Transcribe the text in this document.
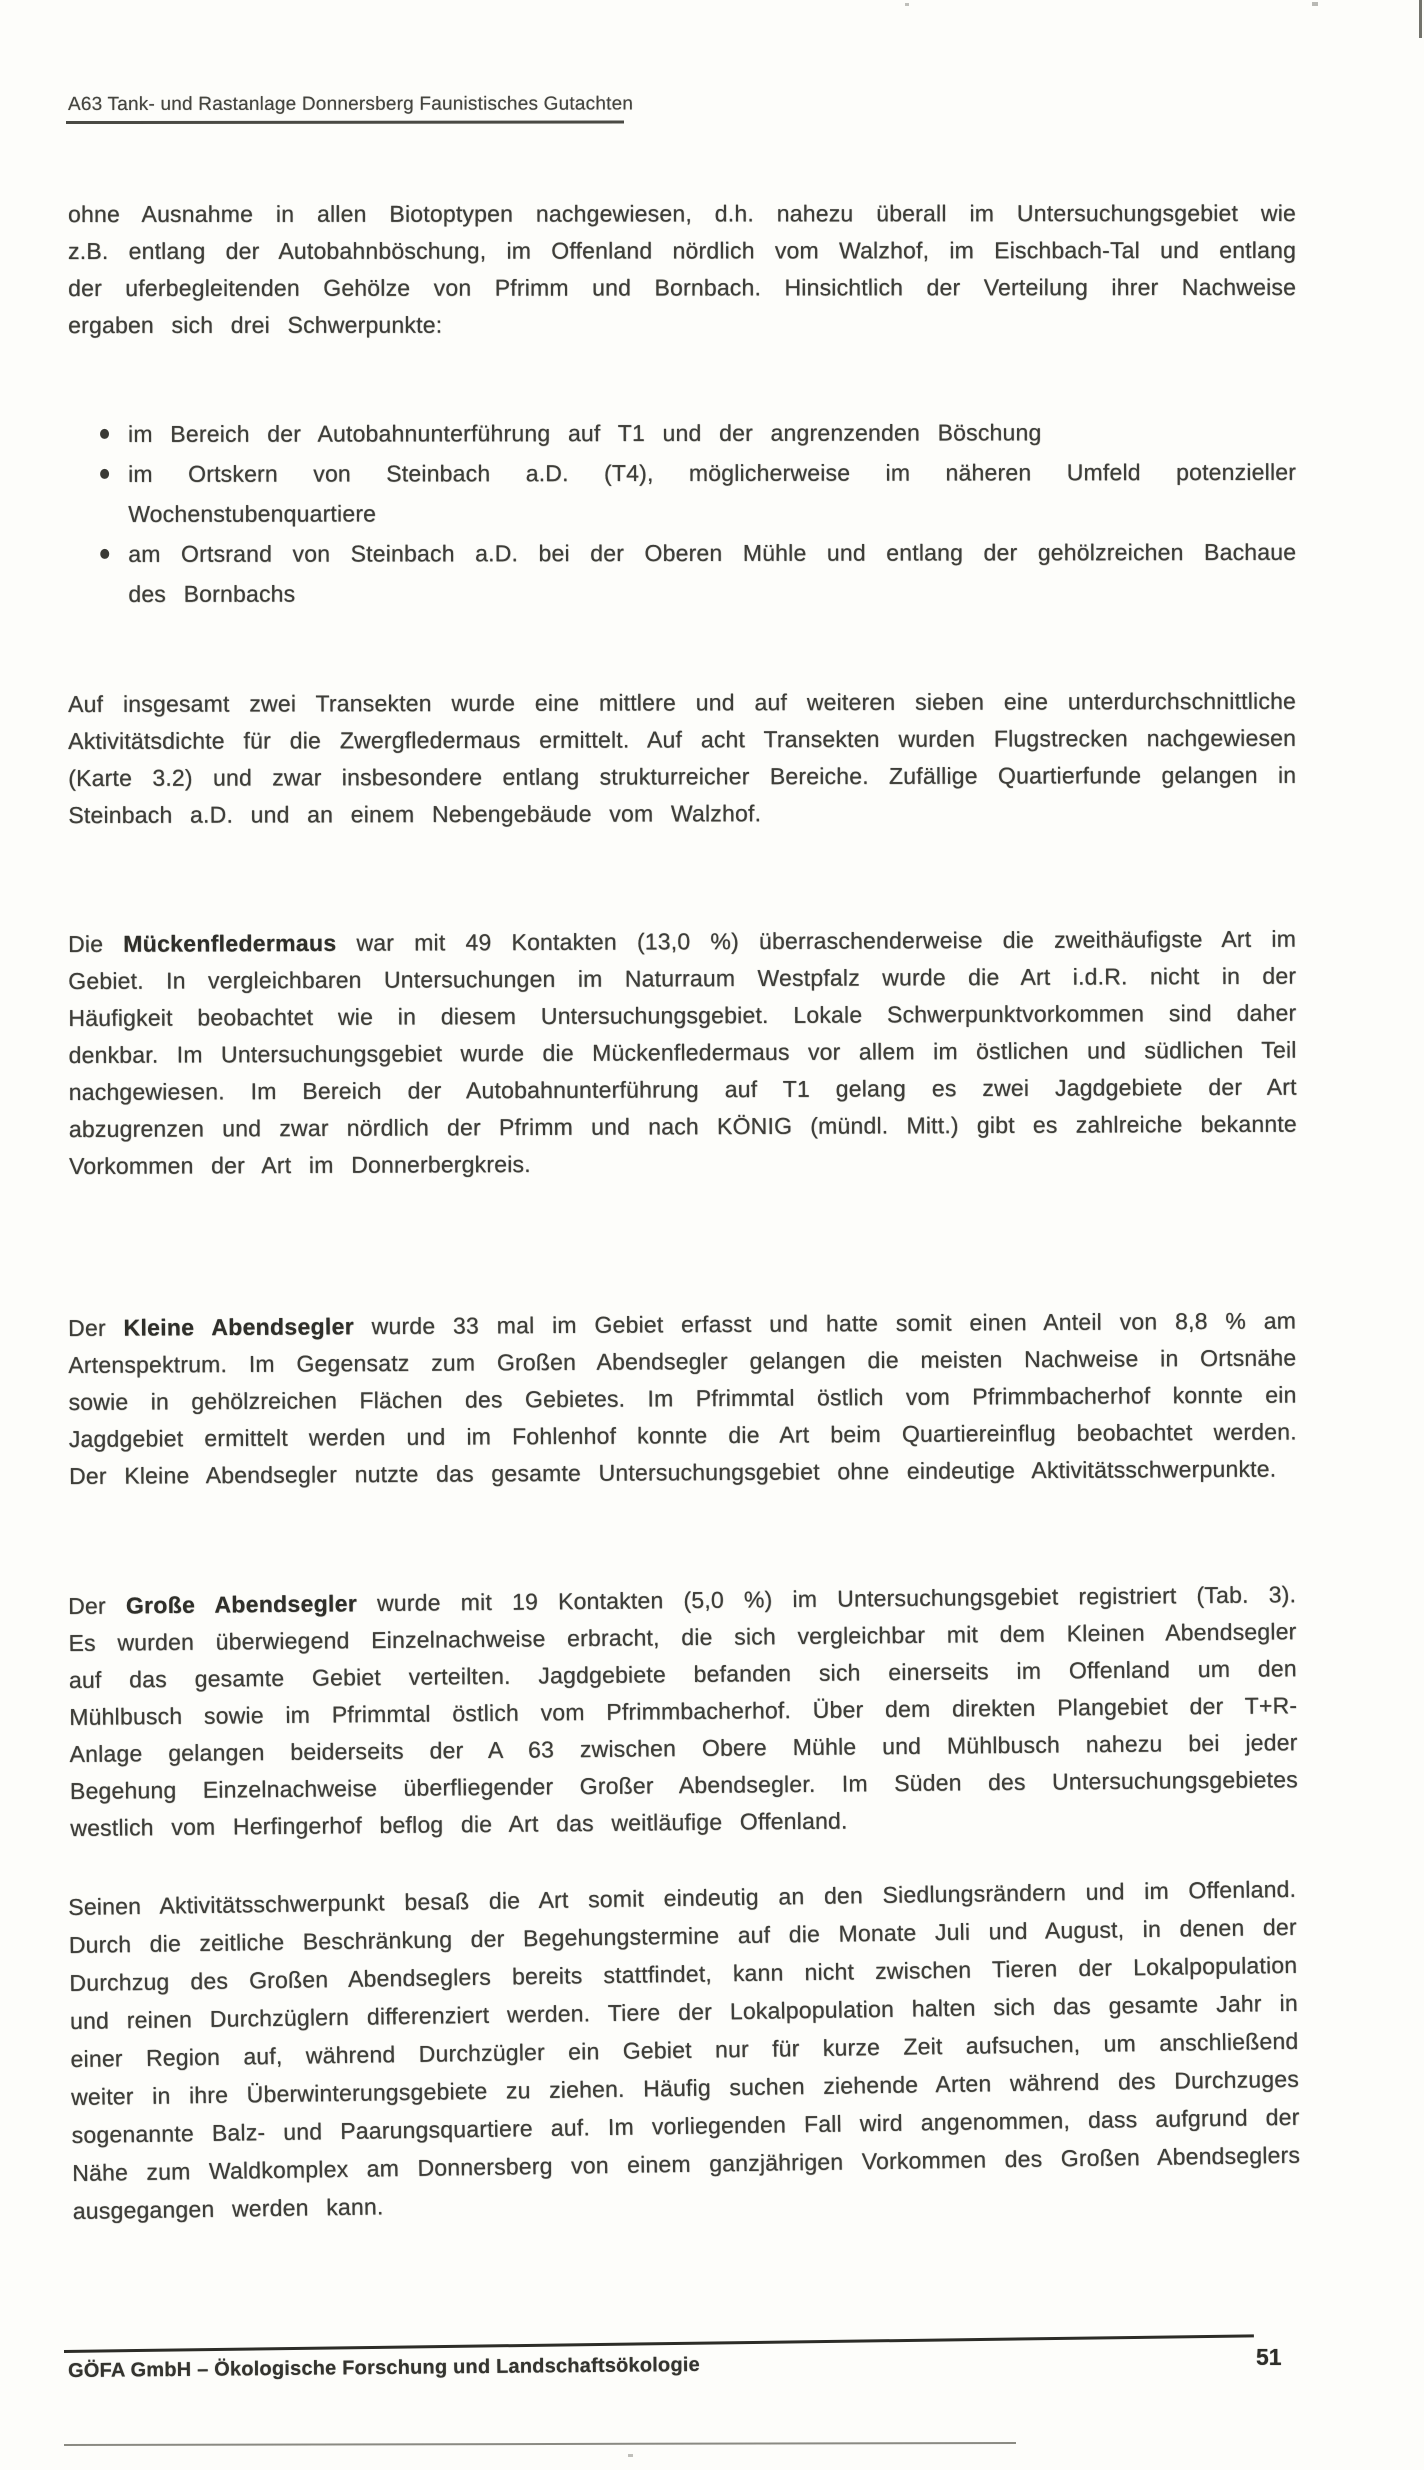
A63 Tank- und Rastanlage Donnersberg Faunistisches Gutachten

ohne Ausnahme in allen Biotoptypen nachgewiesen, d.h. nahezu überall im Untersuchungsgebiet wie z.B. entlang der Autobahnböschung, im Offenland nördlich vom Walzhof, im Eischbach-Tal und entlang der uferbegleitenden Gehölze von Pfrimm und Bornbach. Hinsichtlich der Verteilung ihrer Nachweise ergaben sich drei Schwerpunkte:

im Bereich der Autobahnunterführung auf T1 und der angrenzenden Böschung
im Ortskern von Steinbach a.D. (T4), möglicherweise im näheren Umfeld potenzieller Wochenstubenquartiere
am Ortsrand von Steinbach a.D. bei der Oberen Mühle und entlang der gehölzreichen Bachaue des Bornbachs

Auf insgesamt zwei Transekten wurde eine mittlere und auf weiteren sieben eine unterdurchschnittliche Aktivitätsdichte für die Zwergfledermaus ermittelt. Auf acht Transekten wurden Flugstrecken nachgewiesen (Karte 3.2) und zwar insbesondere entlang strukturreicher Bereiche. Zufällige Quartierfunde gelangen in Steinbach a.D. und an einem Nebengebäude vom Walzhof.

Die Mückenfledermaus war mit 49 Kontakten (13,0 %) überraschenderweise die zweithäufigste Art im Gebiet. In vergleichbaren Untersuchungen im Naturraum Westpfalz wurde die Art i.d.R. nicht in der Häufigkeit beobachtet wie in diesem Untersuchungsgebiet. Lokale Schwerpunktvorkommen sind daher denkbar. Im Untersuchungsgebiet wurde die Mückenfledermaus vor allem im östlichen und südlichen Teil nachgewiesen. Im Bereich der Autobahnunterführung auf T1 gelang es zwei Jagdgebiete der Art abzugrenzen und zwar nördlich der Pfrimm und nach KÖNIG (mündl. Mitt.) gibt es zahlreiche bekannte Vorkommen der Art im Donnerbergkreis.

Der Kleine Abendsegler wurde 33 mal im Gebiet erfasst und hatte somit einen Anteil von 8,8 % am Artenspektrum. Im Gegensatz zum Großen Abendsegler gelangen die meisten Nachweise in Ortsnähe sowie in gehölzreichen Flächen des Gebietes. Im Pfrimmtal östlich vom Pfrimmbacherhof konnte ein Jagdgebiet ermittelt werden und im Fohlenhof konnte die Art beim Quartiereinflug beobachtet werden. Der Kleine Abendsegler nutzte das gesamte Untersuchungsgebiet ohne eindeutige Aktivitätsschwerpunkte.

Der Große Abendsegler wurde mit 19 Kontakten (5,0 %) im Untersuchungsgebiet registriert (Tab. 3). Es wurden überwiegend Einzelnachweise erbracht, die sich vergleichbar mit dem Kleinen Abendsegler auf das gesamte Gebiet verteilten. Jagdgebiete befanden sich einerseits im Offenland um den Mühlbusch sowie im Pfrimmtal östlich vom Pfrimmbacherhof. Über dem direkten Plangebiet der T+R-Anlage gelangen beiderseits der A 63 zwischen Obere Mühle und Mühlbusch nahezu bei jeder Begehung Einzelnachweise überfliegender Großer Abendsegler. Im Süden des Untersuchungsgebietes westlich vom Herfingerhof beflog die Art das weitläufige Offenland.

Seinen Aktivitätsschwerpunkt besaß die Art somit eindeutig an den Siedlungsrändern und im Offenland. Durch die zeitliche Beschränkung der Begehungstermine auf die Monate Juli und August, in denen der Durchzug des Großen Abendseglers bereits stattfindet, kann nicht zwischen Tieren der Lokalpopulation und reinen Durchzüglern differenziert werden. Tiere der Lokalpopulation halten sich das gesamte Jahr in einer Region auf, während Durchzügler ein Gebiet nur für kurze Zeit aufsuchen, um anschließend weiter in ihre Überwinterungsgebiete zu ziehen. Häufig suchen ziehende Arten während des Durchzuges sogenannte Balz- und Paarungsquartiere auf. Im vorliegenden Fall wird angenommen, dass aufgrund der Nähe zum Waldkomplex am Donnersberg von einem ganzjährigen Vorkommen des Großen Abendseglers ausgegangen werden kann.

GÖFA GmbH – Ökologische Forschung und Landschaftsökologie	51
